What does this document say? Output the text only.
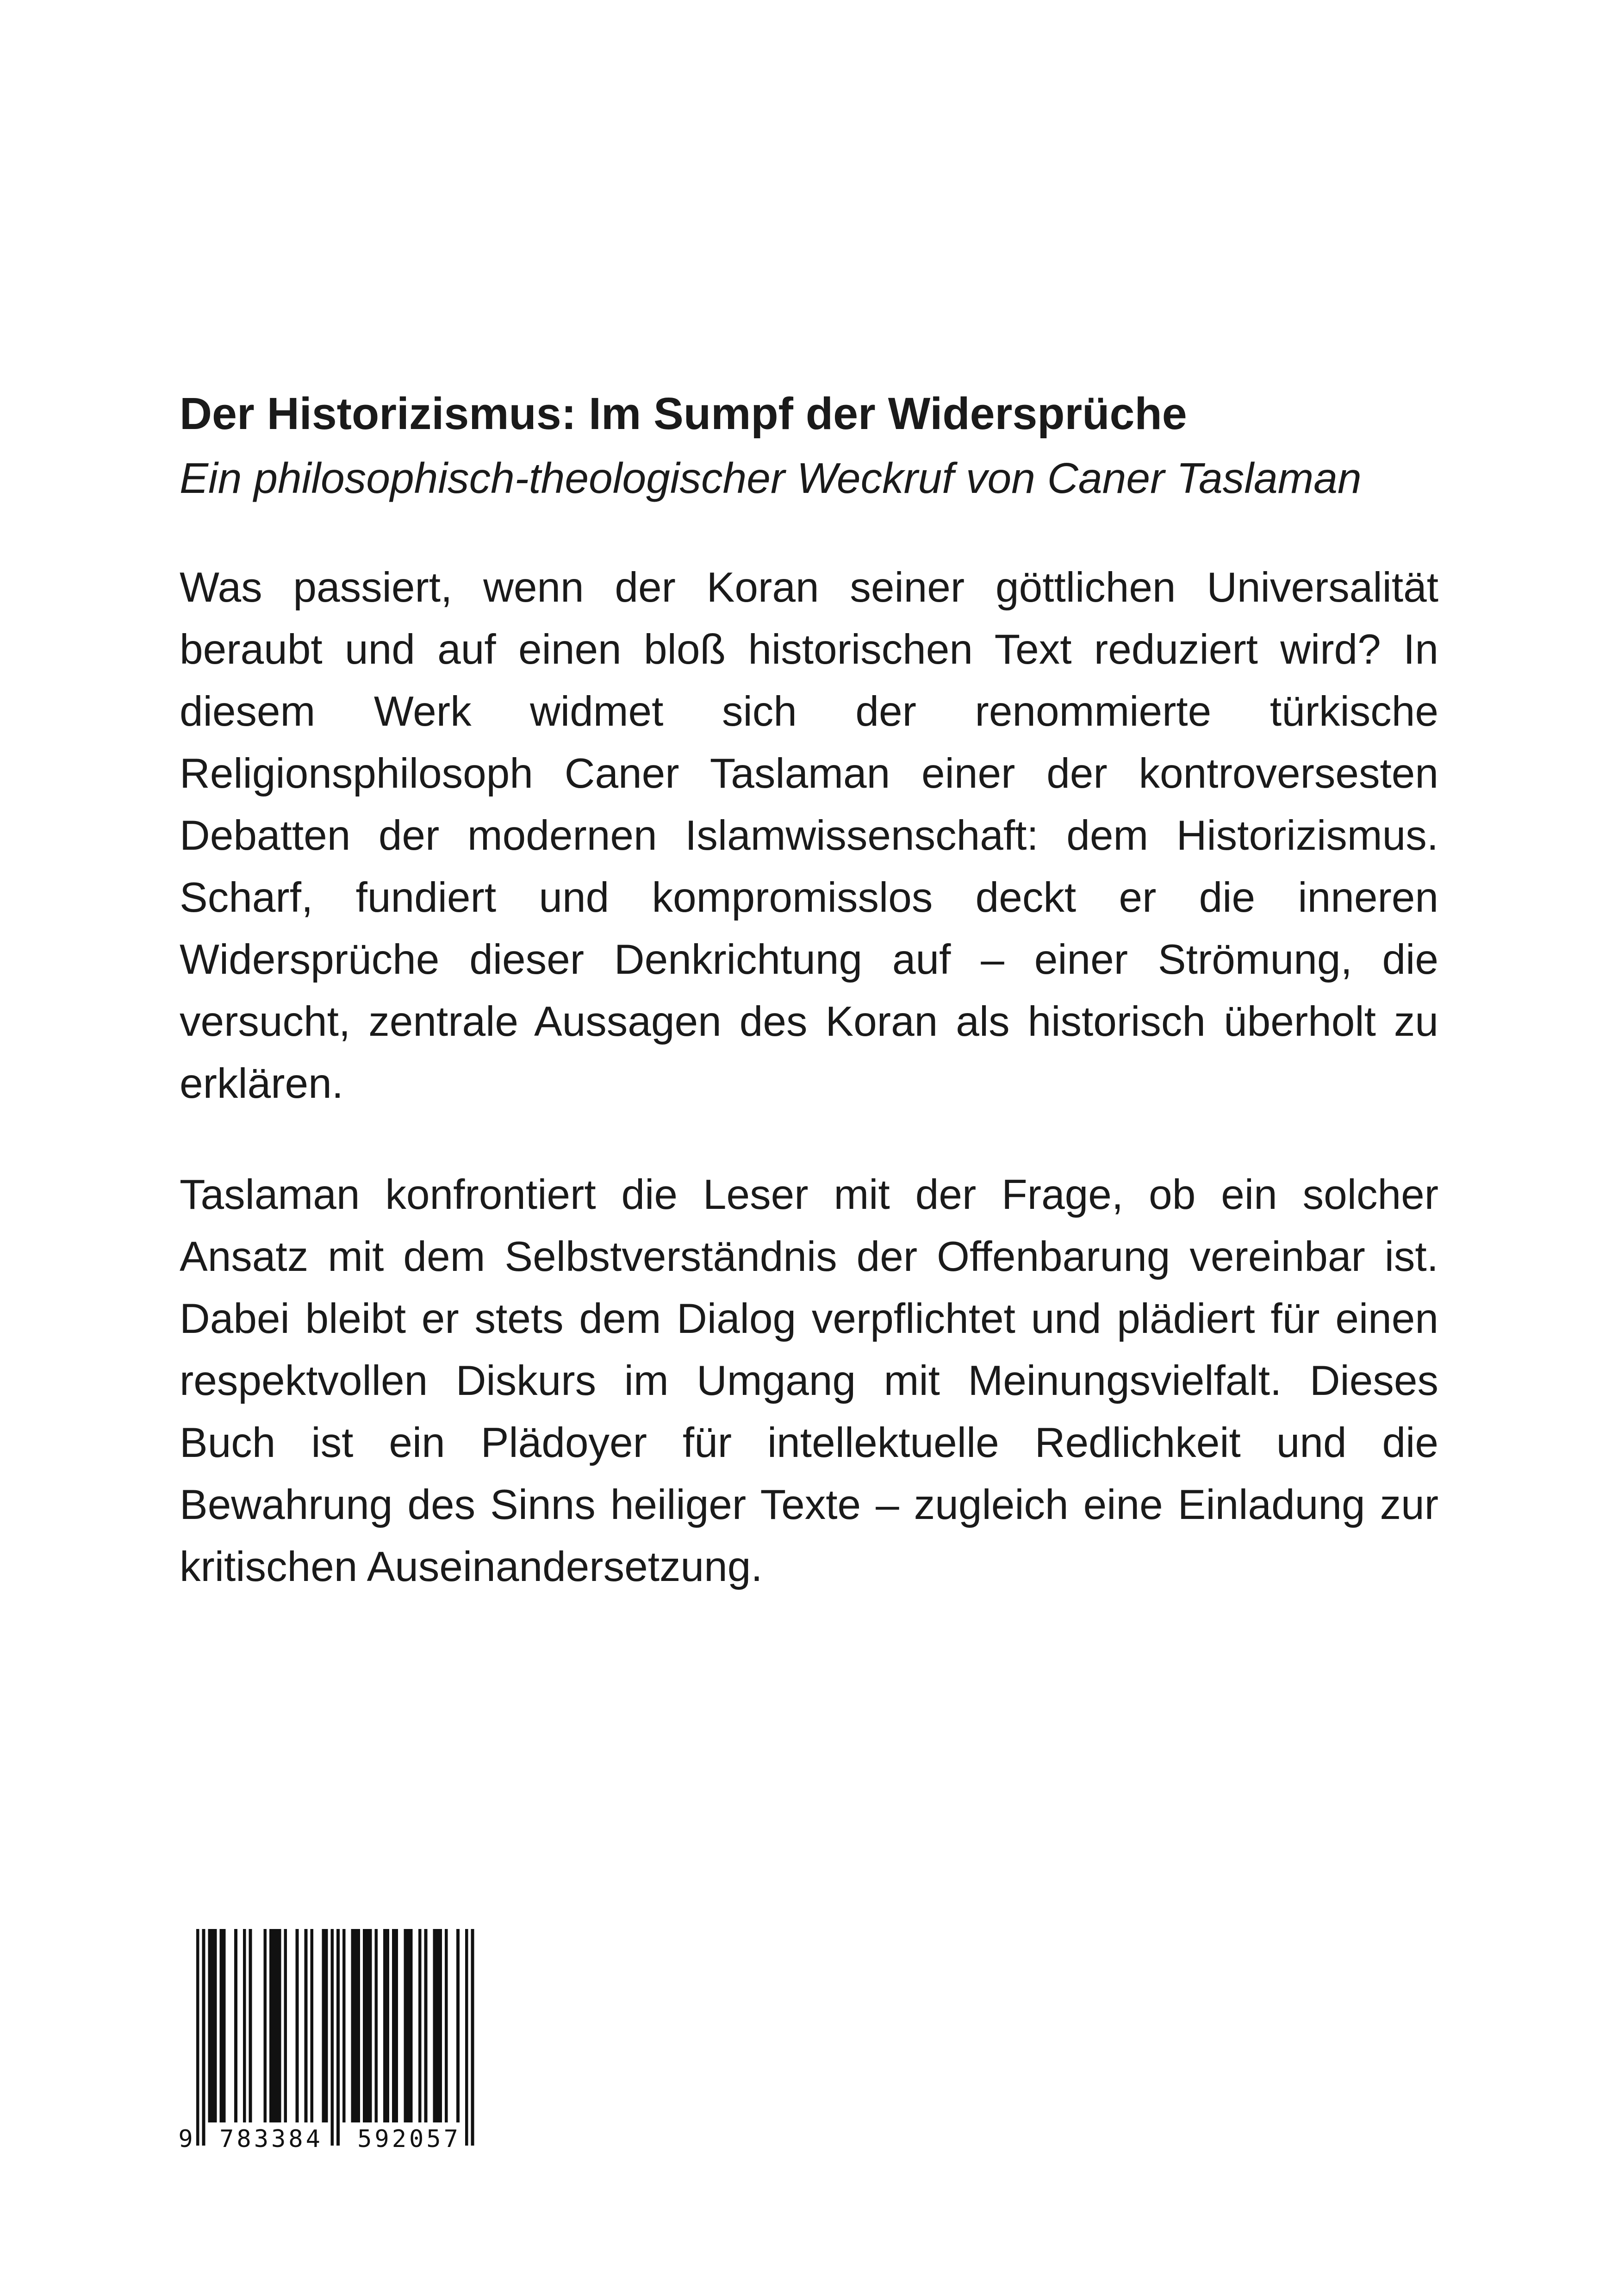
Der Historizismus: Im Sumpf der Widersprüche
Ein philosophisch-theologischer Weckruf von Caner Taslaman

Was passiert, wenn der Koran seiner göttlichen Universalität beraubt und auf einen bloß historischen Text reduziert wird? In diesem Werk widmet sich der renommierte türkische Religionsphilosoph Caner Taslaman einer der kontroversesten Debatten der modernen Islamwissenschaft: dem Historizismus. Scharf, fundiert und kompromisslos deckt er die inneren Widersprüche dieser Denkrichtung auf – einer Strömung, die versucht, zentrale Aussagen des Koran als historisch überholt zu erklären.

Taslaman konfrontiert die Leser mit der Frage, ob ein solcher Ansatz mit dem Selbstverständnis der Offenbarung vereinbar ist. Dabei bleibt er stets dem Dialog verpflichtet und plädiert für einen respektvollen Diskurs im Umgang mit Meinungsvielfalt. Dieses Buch ist ein Plädoyer für intellektuelle Redlichkeit und die Bewahrung des Sinns heiliger Texte – zugleich eine Einladung zur kritischen Auseinandersetzung.

9 783384 592057
